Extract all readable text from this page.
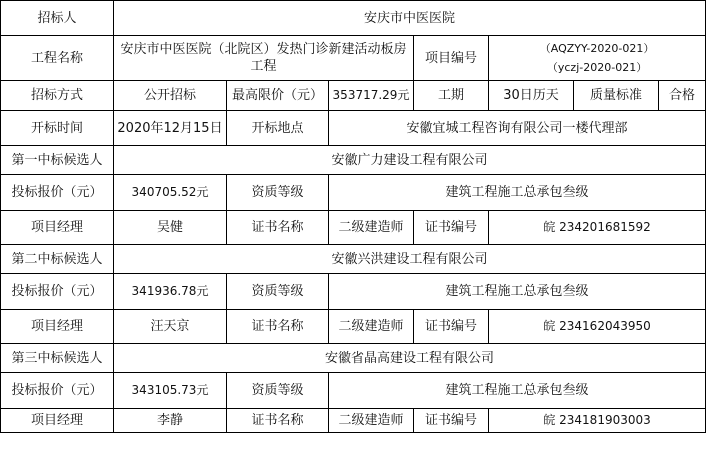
招标人	安庆市中医医院						
工程名称	安庆市中医医院（北院区）发热门诊新建活动板房工程			项目编号	（AQZYY-2020-021）
（yczj-2020-021）		

招标方式	公开招标	最高限价（元）	353717.29元	工期	30日历天	质量标准	合格
开标时间	2020年12月15日	开标地点	安徽宜城工程咨询有限公司一楼代理部				
第一中标候选人	安徽广力建设工程有限公司						
投标报价（元）	340705.52元	资质等级	建筑工程施工总承包叁级				
项目经理	吴健	证书名称	二级建造师	证书编号	皖 234201681592		
第二中标候选人	安徽兴洪建设工程有限公司						
投标报价（元）	341936.78元	资质等级	建筑工程施工总承包叁级				
项目经理	汪天京	证书名称	二级建造师	证书编号	皖 234162043950		
第三中标候选人	安徽省晶高建设工程有限公司						
投标报价（元）	343105.73元	资质等级	建筑工程施工总承包叁级				
项目经理	李静	证书名称	二级建造师	证书编号	皖 234181903003		
